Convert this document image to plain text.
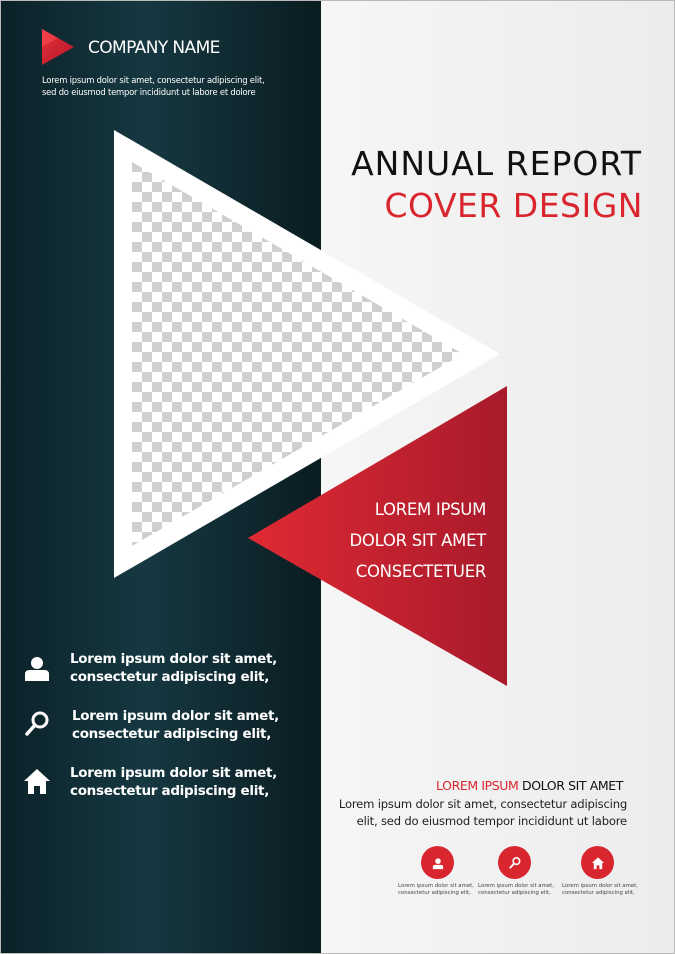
COMPANY NAME
Lorem ipsum dolor sit amet, consectetur adipiscing elit,
sed do eiusmod tempor incididunt ut labore et dolore
ANNUAL REPORT
COVER DESIGN
LOREM IPSUM
DOLOR SIT AMET
CONSECTETUER
Lorem ipsum dolor sit amet,
consectetur adipiscing elit,
Lorem ipsum dolor sit amet,
consectetur adipiscing elit,
Lorem ipsum dolor sit amet,
consectetur adipiscing elit,	LOREM IPSUM DOLOR SIT AMET
Lorem ipsum dolor sit amet, consectetur adipiscing
elit, sed do eiusmod tempor incididunt ut labore
Lorem ipsum dolor sit amet,
consectetur adipiscing elit,
Lorem ipsum dolor sit amet,
consectetur adipiscing elit,
Lorem ipsum dolor sit amet,
consectetur adipiscing elit,
